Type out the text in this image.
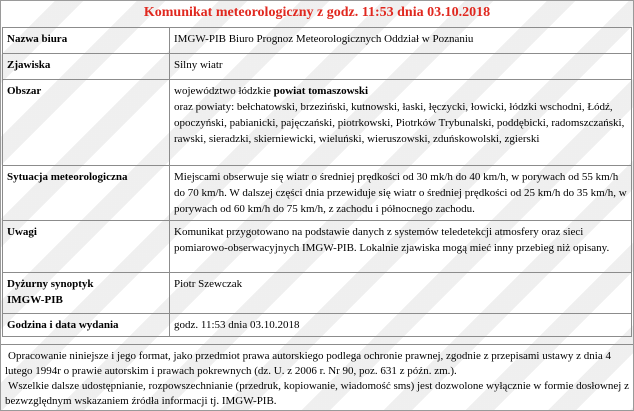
Komunikat meteorologiczny z godz. 11:53 dnia 03.10.2018
Nazwa biura	IMGW-PIB Biuro Prognoz Meteorologicznych Oddział w Poznaniu
Zjawiska	Silny wiatr
Obszar	województwo łódzkie powiat tomaszowski
oraz powiaty: bełchatowski, brzeziński, kutnowski, łaski, łęczycki, łowicki, łódzki wschodni, Łódź, opoczyński, pabianicki, pajęczański, piotrkowski, Piotrków Trybunalski, poddębicki, radomszczański, rawski, sieradzki, skierniewicki, wieluński, wieruszowski, zduńskowolski, zgierski
Sytuacja meteorologiczna	Miejscami obserwuje się wiatr o średniej prędkości od 30 mk/h do 40 km/h, w porywach od 55 km/h do 70 km/h. W dalszej części dnia przewiduje się wiatr o średniej prędkości od 25 km/h do 35 km/h, w porywach od 60 km/h do 75 km/h, z zachodu i północnego zachodu.
Uwagi	Komunikat przygotowano na podstawie danych z systemów teledetekcji atmosfery oraz sieci pomiarowo-obserwacyjnych IMGW-PIB. Lokalnie zjawiska mogą mieć inny przebieg niż opisany.
Dyżurny synoptyk
IMGW-PIB	Piotr Szewczak
Godzina i data wydania	godz. 11:53 dnia 03.10.2018

Opracowanie niniejsze i jego format, jako przedmiot prawa autorskiego podlega ochronie prawnej, zgodnie z przepisami ustawy z dnia 4 lutego 1994r o prawie autorskim i prawach pokrewnych (dz. U. z 2006 r. Nr 90, poz. 631 z późn. zm.).

Wszelkie dalsze udostępnianie, rozpowszechnianie (przedruk, kopiowanie, wiadomość sms) jest dozwolone wyłącznie w formie dosłownej z bezwzględnym wskazaniem źródła informacji tj. IMGW-PIB.
